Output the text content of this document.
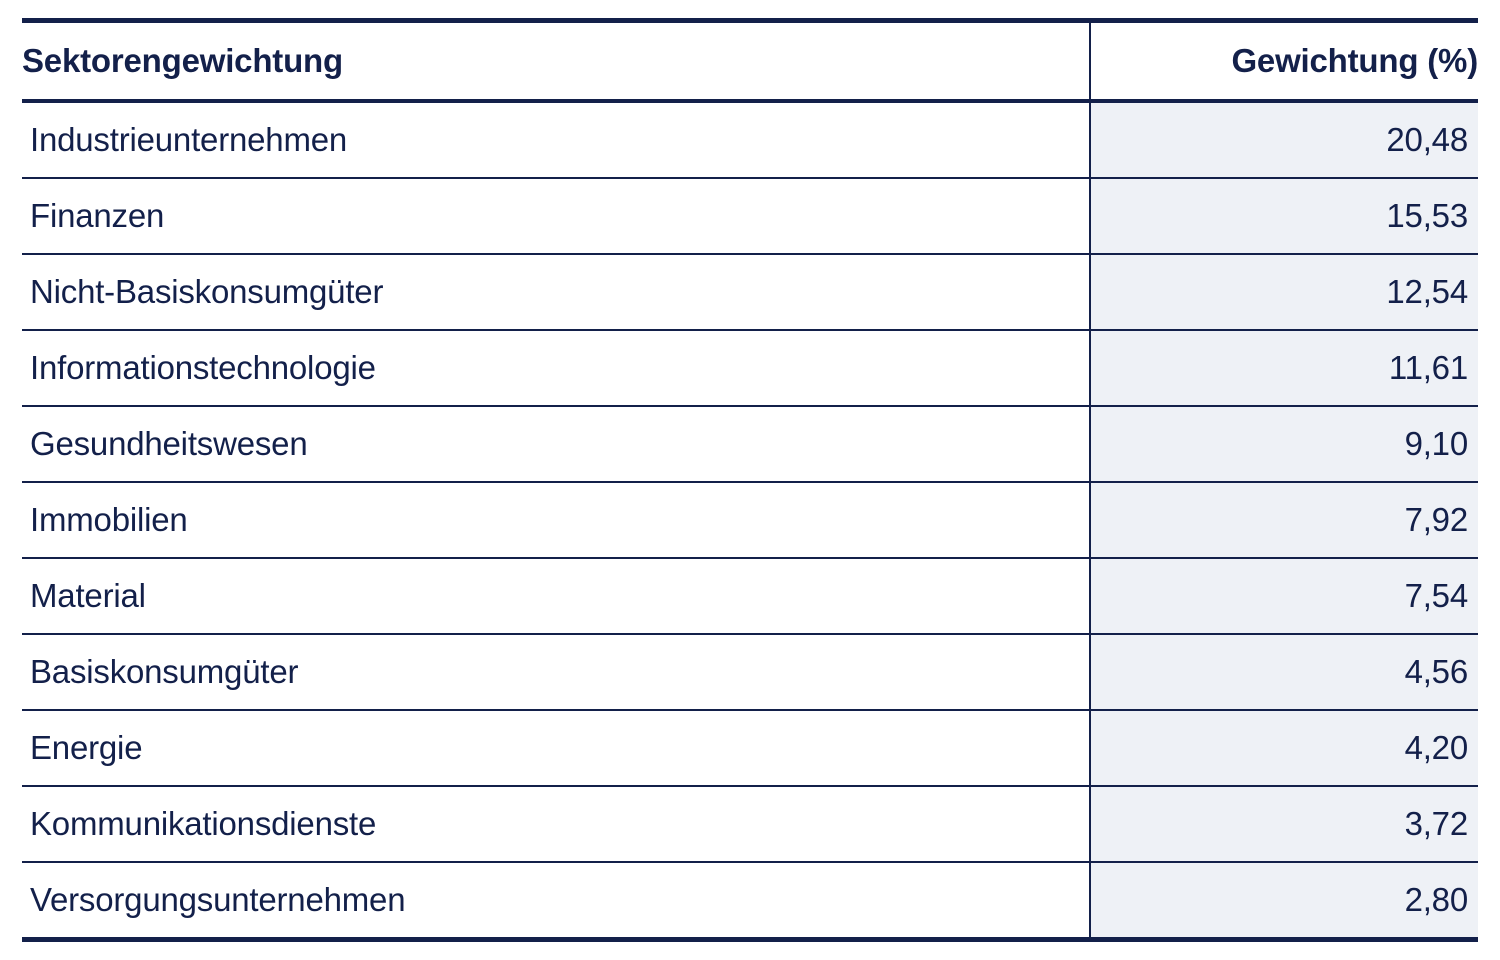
Sektorengewichtung	Gewichtung (%)
Industrieunternehmen	20,48
Finanzen	15,53
Nicht-Basiskonsumgüter	12,54
Informationstechnologie	11,61
Gesundheitswesen	9,10
Immobilien	7,92
Material	7,54
Basiskonsumgüter	4,56
Energie	4,20
Kommunikationsdienste	3,72
Versorgungsunternehmen	2,80
